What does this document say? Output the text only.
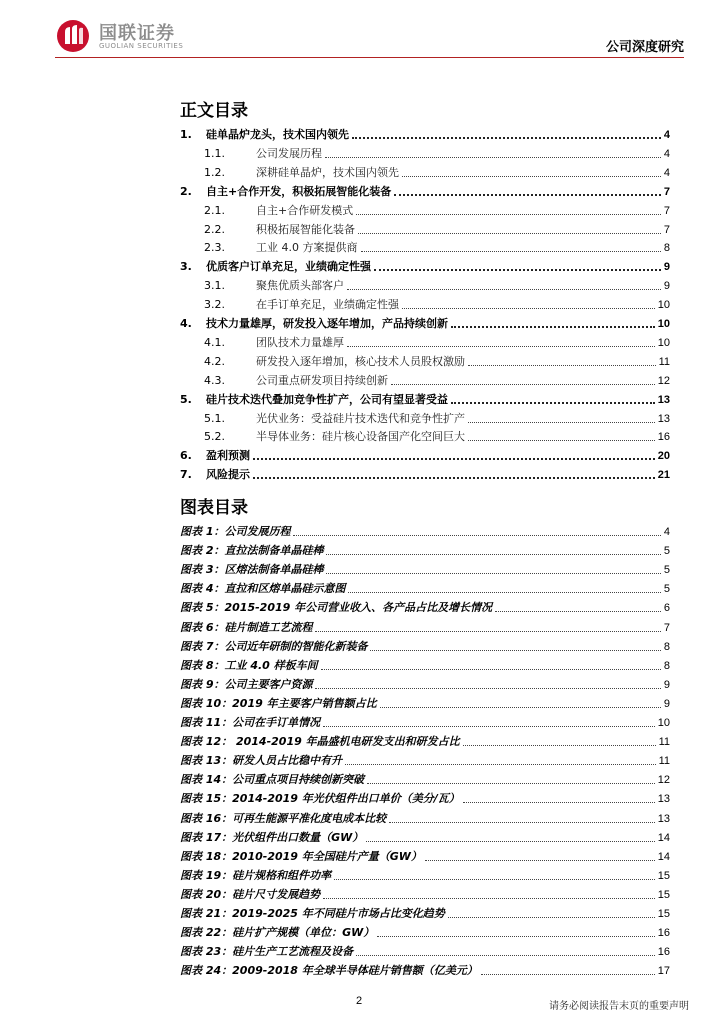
国联证券
GUOLIAN SECURITIES	公司深度研究
正文目录
1.	硅单晶炉龙头，技术国内领先	4
1.1.	公司发展历程	4
1.2.	深耕硅单晶炉，技术国内领先	4
2.	自主+合作开发，积极拓展智能化装备	7
2.1.	自主+合作研发模式	7
2.2.	积极拓展智能化装备	7
2.3.	工业 4.0 方案提供商	8
3.	优质客户订单充足，业绩确定性强	9
3.1.	聚焦优质头部客户	9
3.2.	在手订单充足，业绩确定性强	10
4.	技术力量雄厚，研发投入逐年增加，产品持续创新	10
4.1.	团队技术力量雄厚	10
4.2.	研发投入逐年增加，核心技术人员股权激励	11
4.3.	公司重点研发项目持续创新	12
5.	硅片技术迭代叠加竞争性扩产，公司有望显著受益	13
5.1.	光伏业务：受益硅片技术迭代和竞争性扩产	13
5.2.	半导体业务：硅片核心设备国产化空间巨大	16
6.	盈利预测	20
7.	风险提示	21
图表目录
图表 1：公司发展历程	4
图表 2：直拉法制备单晶硅棒	5
图表 3：区熔法制备单晶硅棒	5
图表 4：直拉和区熔单晶硅示意图	5
图表 5：2015-2019 年公司营业收入、各产品占比及增长情况	6
图表 6：硅片制造工艺流程	7
图表 7：公司近年研制的智能化新装备	8
图表 8：工业 4.0 样板车间	8
图表 9：公司主要客户资源	9
图表 10：2019 年主要客户销售额占比	9
图表 11：公司在手订单情况	10
图表 12： 2014-2019 年晶盛机电研发支出和研发占比	11
图表 13：研发人员占比稳中有升	11
图表 14：公司重点项目持续创新突破	12
图表 15：2014-2019 年光伏组件出口单价（美分/瓦）	13
图表 16：可再生能源平准化度电成本比较	13
图表 17：光伏组件出口数量（GW）	14
图表 18：2010-2019 年全国硅片产量（GW）	14
图表 19：硅片规格和组件功率	15
图表 20：硅片尺寸发展趋势	15
图表 21：2019-2025 年不同硅片市场占比变化趋势	15
图表 22：硅片扩产规模（单位：GW）	16
图表 23：硅片生产工艺流程及设备	16
图表 24：2009-2018 年全球半导体硅片销售额（亿美元）	17
2	请务必阅读报告末页的重要声明
